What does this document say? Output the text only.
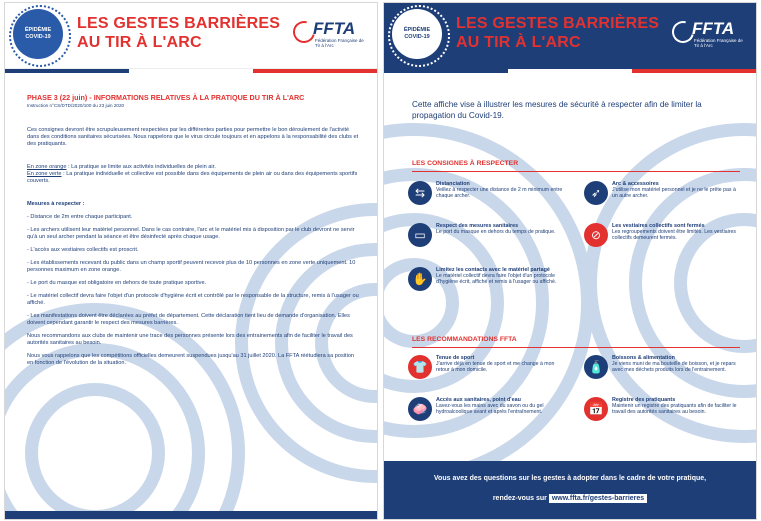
ÉPIDÉMIE
COVID-19
LES GESTES BARRIÈRES
AU TIR À L'ARC
FFTA
Fédération Française de Tir à l'Arc
PHASE 3 (22 juin) - INFORMATIONS RELATIVES À LA PRATIQUE DU TIR À L'ARC
Instruction n°CS/DTD/2020/100 du 23 juin 2020

Ces consignes devront être scrupuleusement respectées par les différentes parties pour permettre le bon déroulement de l'activité dans des conditions sanitaires sécurisées. Nous rappelons que le virus circule toujours et en appelons à la responsabilité des clubs et des pratiquants.

En zone orange : La pratique se limite aux activités individuelles de plein air.

En zone verte : La pratique individuelle et collective est possible dans des équipements de plein air ou dans des équipements sportifs couverts.

Mesures à respecter :

- Distance de 2m entre chaque participant.

- Les archers utilisent leur matériel personnel. Dans le cas contraire, l'arc et le matériel mis à disposition par le club devront ne servir qu'à un seul archer pendant la séance et être désinfecté après chaque usage.

- L'accès aux vestiaires collectifs est proscrit.

- Les établissements recevant du public dans un champ sportif peuvent recevoir plus de 10 personnes en zone verte uniquement. 10 personnes maximum en zone orange.

- Le port du masque est obligatoire en dehors de toute pratique sportive.

- Le matériel collectif devra faire l'objet d'un protocole d'hygiène écrit et contrôlé par le responsable de la structure, remis à l'usager ou affiché.

- Les manifestations doivent être déclarées au préfet de département. Cette déclaration tient lieu de demande d'organisation. Elles doivent cependant garantir le respect des mesures barrières.

Nous recommandons aux clubs de maintenir une trace des personnes présente lors des entrainements afin de faciliter le travail des autorités sanitaires au besoin.

Nous vous rappelons que les compétitions officielles demeurent suspendues jusqu'au 31 juillet 2020. La FFTA réétudiera sa position en fonction de l'évolution de la situation.

ÉPIDÉMIE
COVID-19
LES GESTES BARRIÈRES
AU TIR À L'ARC
FFTA
Fédération Française de Tir à l'Arc
Cette affiche vise à illustrer les mesures de sécurité à respecter afin de limiter la propagation du Covid-19.
LES CONSIGNES À RESPECTER
⇆
Distanciation
Veillez à respecter une distance de 2 m minimum entre chaque archer.	➶
Arc & accessoires
J'utilise mon matériel personnel et je ne le prête pas à un autre archer.
▭
Respect des mesures sanitaires
Le port du masque en dehors du temps de pratique.	⊘
Les vestiaires collectifs sont fermés
Les regroupements doivent être limités. Les vestiaires collectifs demeurent fermés.
✋
Limitez les contacts avec le matériel partagé
Le matériel collectif devra faire l'objet d'un protocole d'hygiène écrit, affiché et remis à l'usager ou affiché.
LES RECOMMANDATIONS FFTA
👕
Tenue de sport
J'arrive déjà en tenue de sport et me change à mon retour à mon domicile.	🧴
Boissons & alimentation
Je viens muni de ma bouteille de boisson, et je repars avec mes déchets produits lors de l'entrainement.
🧼
Accès aux sanitaires, point d'eau
Lavez-vous les mains avec du savon ou du gel hydroalcoolique avant et après l'entraînement.	📅
Registre des pratiquants
Maintenir un registre des pratiquants afin de faciliter le travail des autorités sanitaires au besoin.
Vous avez des questions sur les gestes à adopter dans le cadre de votre pratique,
rendez-vous sur www.ffta.fr/gestes-barrieres
